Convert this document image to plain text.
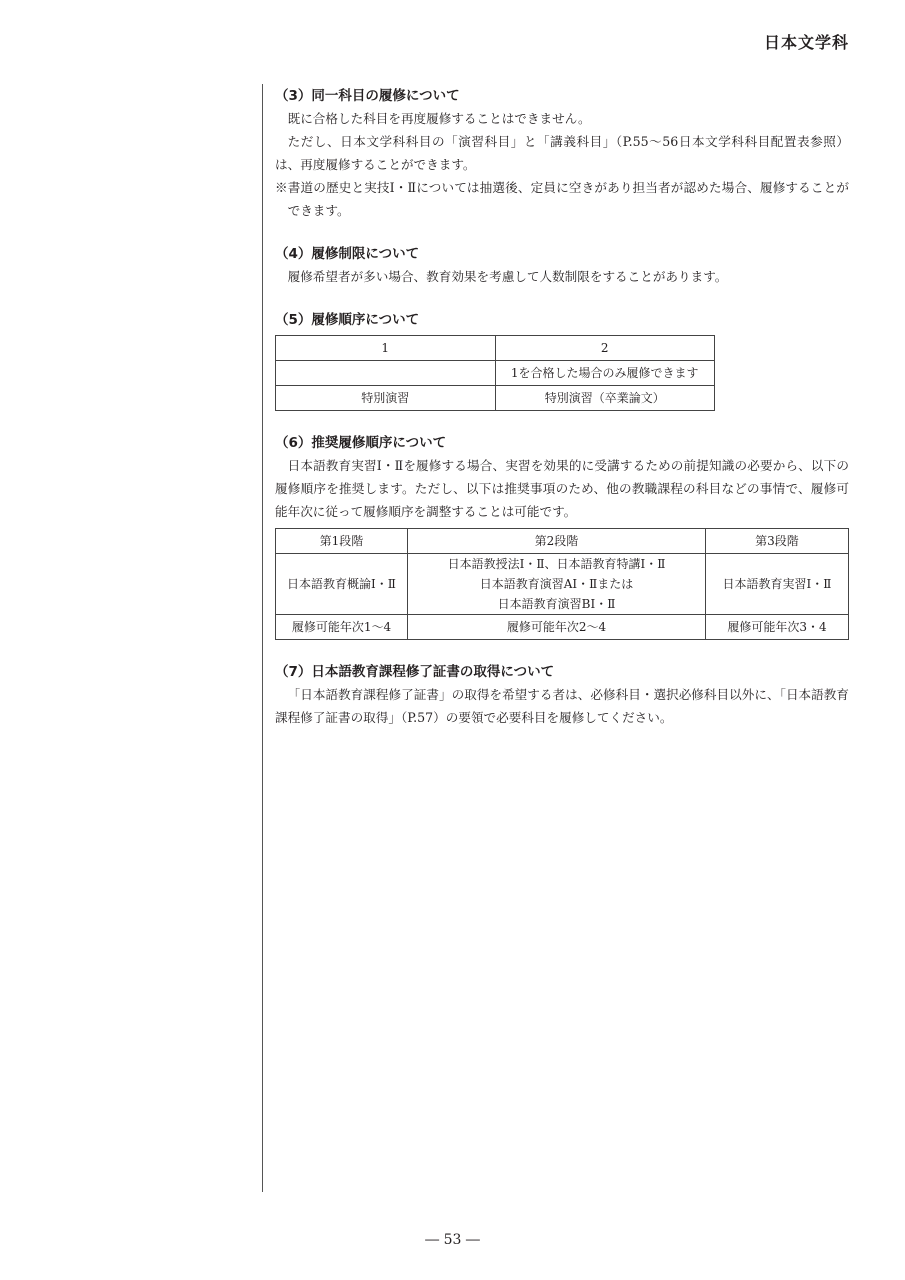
日本文学科

（3）同一科目の履修について

既に合格した科目を再度履修することはできません。

ただし、日本文学科科目の「演習科目」と「講義科目」（P.55〜56日本文学科科目配置表参照）は、再度履修することができます。

※書道の歴史と実技Ⅰ・Ⅱについては抽選後、定員に空きがあり担当者が認めた場合、履修することができます。

（4）履修制限について

履修希望者が多い場合、教育効果を考慮して人数制限をすることがあります。

（5）履修順序について

1	2
	1を合格した場合のみ履修できます
特別演習	特別演習（卒業論文）

（6）推奨履修順序について

日本語教育実習Ⅰ・Ⅱを履修する場合、実習を効果的に受講するための前提知識の必要から、以下の履修順序を推奨します。ただし、以下は推奨事項のため、他の教職課程の科目などの事情で、履修可能年次に従って履修順序を調整することは可能です。

第1段階	第2段階	第3段階
日本語教育概論Ⅰ・Ⅱ	日本語教授法Ⅰ・Ⅱ、日本語教育特講Ⅰ・Ⅱ
日本語教育演習AⅠ・Ⅱまたは
日本語教育演習BⅠ・Ⅱ	日本語教育実習Ⅰ・Ⅱ
履修可能年次1〜4	履修可能年次2〜4	履修可能年次3・4

（7）日本語教育課程修了証書の取得について

「日本語教育課程修了証書」の取得を希望する者は、必修科目・選択必修科目以外に、「日本語教育課程修了証書の取得」（P.57）の要領で必要科目を履修してください。

― 53 ―
